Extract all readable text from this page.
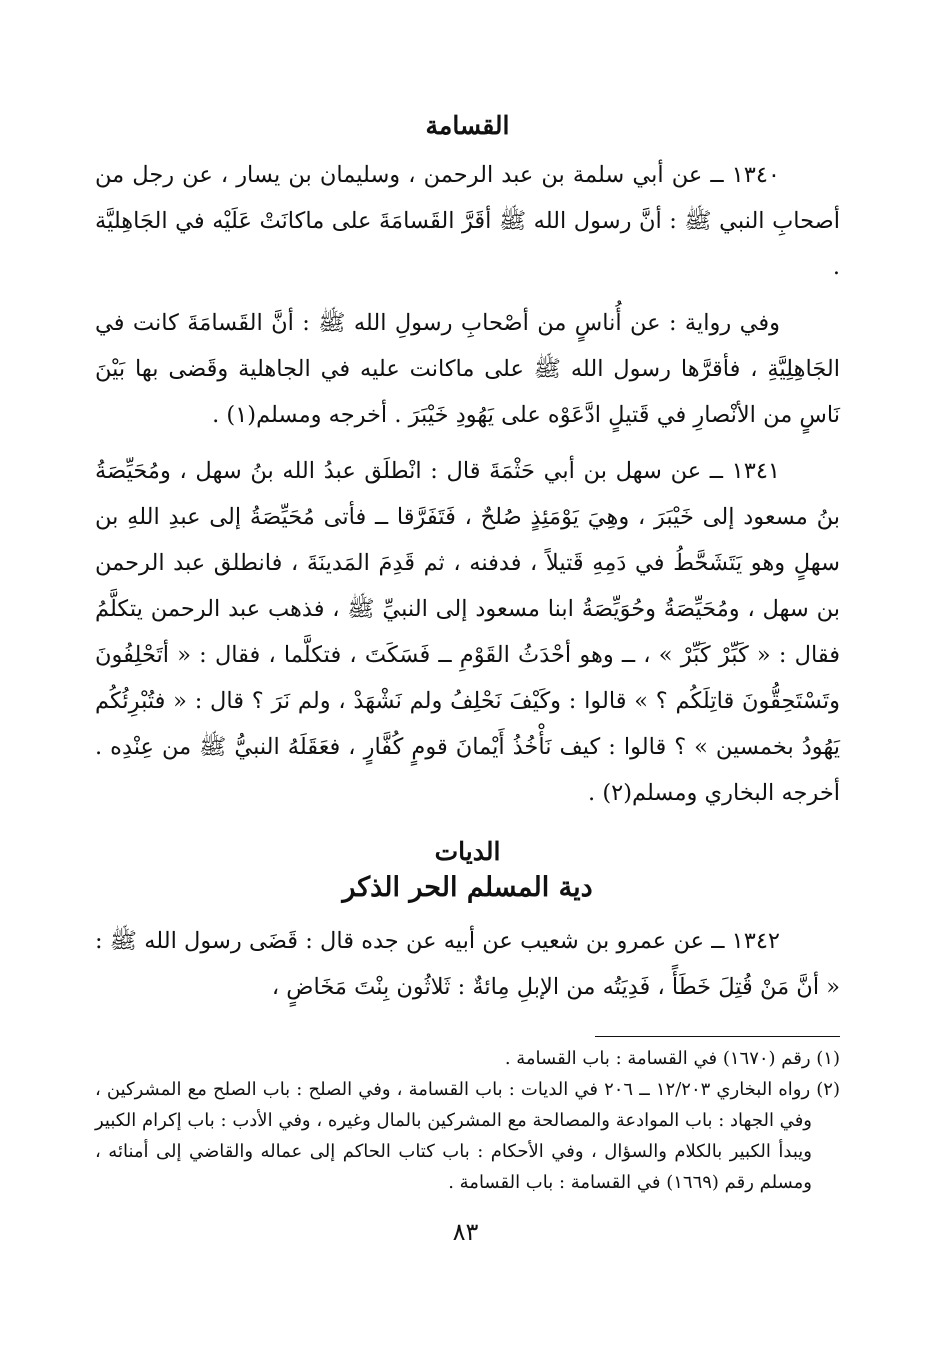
القسامة

١٣٤٠ ــ عن أبي سلمة بن عبد الرحمن ، وسليمان بن يسار ، عن رجل من أصحابِ النبي ﷺ : أنَّ رسول الله ﷺ أقَرَّ القَسامَةَ على ماكانَتْ عَلَيْه في الجَاهِليَّة .

وفي رواية : عن أُناسٍ من أصْحابِ رسولِ الله ﷺ : أنَّ القَسامَةَ كانت في الجَاهِلِيَّةِ ، فأقرَّها رسول الله ﷺ على ماكانت عليه في الجاهلية وقَضى بها بَيْنَ نَاسٍ من الأنْصارِ في قَتيلٍ ادَّعَوْه على يَهُودِ خَيْبَرَ . أخرجه ومسلم(١) .

١٣٤١ ــ عن سهل بن أبي حَثْمَةَ قال : انْطلَق عبدُ الله بنُ سهل ، ومُحَيِّصَةُ بنُ مسعود إلى خَيْبَرَ ، وهِيَ يَوْمَئِذٍ صُلحٌ ، فَتَفَرَّقا ــ فأتى مُحَيِّصَةُ إلى عبدِ اللهِ بن سهلٍ وهو يَتَشَحَّطُ في دَمِهِ قَتيلاً ، فدفنه ، ثم قَدِمَ المَدينَةَ ، فانطلق عبد الرحمن بن سهل ، ومُحَيِّصَةُ وحُوَيِّصَةُ ابنا مسعود إلى النبيِّ ﷺ ، فذهب عبد الرحمن يتكلَّمُ فقال : « كَبِّرْ كَبِّرْ » ، ــ وهو أحْدَثُ القَوْمِ ــ فَسَكَتَ ، فتكلَّما ، فقال : « أتَحْلِفُونَ وتَسْتَحِقُّونَ قاتِلَكُم ؟ » قالوا : وكَيْفَ نَحْلِفُ ولم نَشْهَدْ ، ولم نَرَ ؟ قال : « فتُبْرِئُكُم يَهُودُ بخمسين » ؟ قالوا : كيف نَأْخُذُ أَيْمانَ قومٍ كُفَّارٍ ، فعَقَلَهُ النبيُّ ﷺ من عِنْدِه . أخرجه البخاري ومسلم(٢) .

الديات
دية المسلم الحر الذكر

١٣٤٢ ــ عن عمرو بن شعيب عن أبيه عن جده قال : قَضَى رسول الله ﷺ : « أنَّ مَنْ قُتِلَ خَطَأً ، فَدِيَتُه من الإبلِ مِائةٌ : ثَلاثُون بِنْتَ مَخَاضٍ ،

(١) رقم (١٦٧٠) في القسامة : باب القسامة .

(٢) رواه البخاري ١٢/٢٠٣ ــ ٢٠٦ في الديات : باب القسامة ، وفي الصلح : باب الصلح مع المشركين ، وفي الجهاد : باب الموادعة والمصالحة مع المشركين بالمال وغيره ، وفي الأدب : باب إكرام الكبير ويبدأ الكبير بالكلام والسؤال ، وفي الأحكام : باب كتاب الحاكم إلى عماله والقاضي إلى أمنائه ، ومسلم رقم (١٦٦٩) في القسامة : باب القسامة .

٨٣
